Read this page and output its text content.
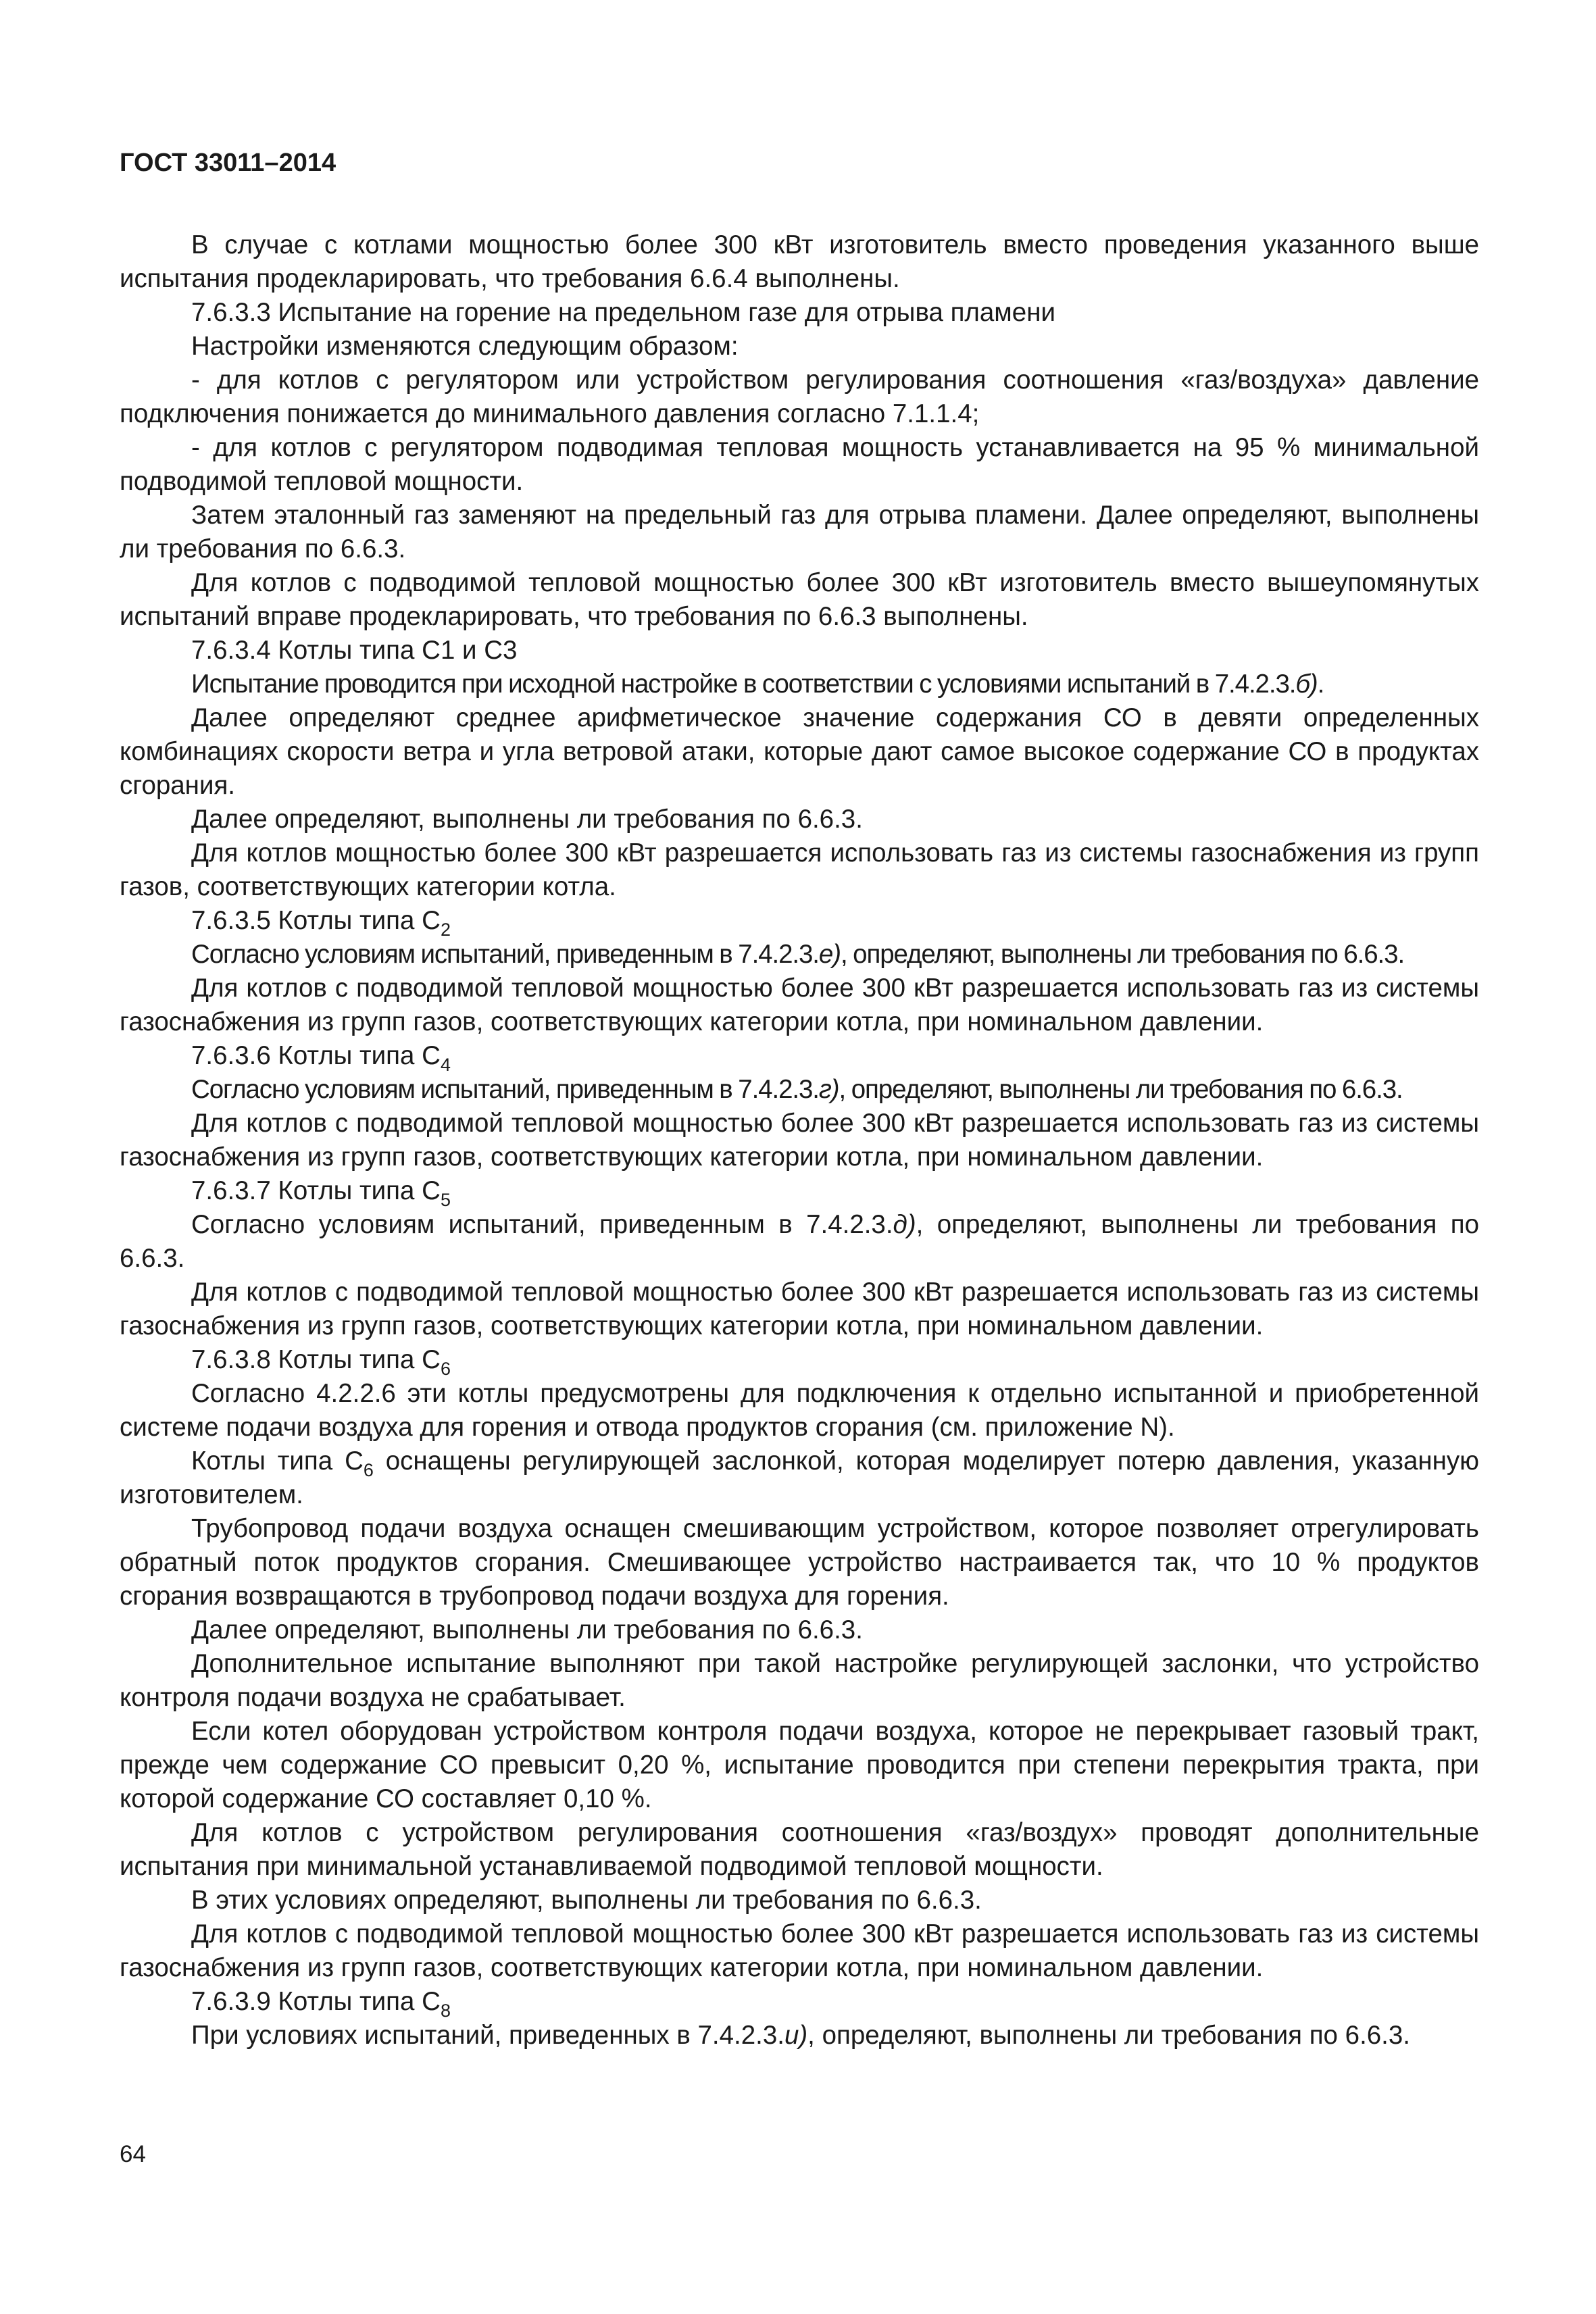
ГОСТ 33011–2014

В случае с котлами мощностью более 300 кВт изготовитель вместо проведения указанного выше испытания продекларировать, что требования 6.6.4 выполнены.

7.6.3.3 Испытание на горение на предельном газе для отрыва пламени

Настройки изменяются следующим образом:

- для котлов с регулятором или устройством регулирования соотношения «газ/воздуха» давление подключения понижается до минимального давления согласно 7.1.1.4;

- для котлов с регулятором подводимая тепловая мощность устанавливается на 95 % минимальной подводимой тепловой мощности.

Затем эталонный газ заменяют на предельный газ для отрыва пламени. Далее определяют, выполнены ли требования по 6.6.3.

Для котлов с подводимой тепловой мощностью более 300 кВт изготовитель вместо вышеупомянутых испытаний вправе продекларировать, что требования по 6.6.3 выполнены.

7.6.3.4 Котлы типа С1 и С3

Испытание проводится при исходной настройке в соответствии с условиями испытаний в 7.4.2.3.б).

Далее определяют среднее арифметическое значение содержания СО в девяти определенных комбинациях скорости ветра и угла ветровой атаки, которые дают самое высокое содержание СО в продуктах сгорания.

Далее определяют, выполнены ли требования по 6.6.3.

Для котлов мощностью более 300 кВт разрешается использовать газ из системы газоснабжения из групп газов, соответствующих категории котла.

7.6.3.5 Котлы типа $С_2$

Согласно условиям испытаний, приведенным в 7.4.2.3.е), определяют, выполнены ли требования по 6.6.3.

Для котлов с подводимой тепловой мощностью более 300 кВт разрешается использовать газ из системы газоснабжения из групп газов, соответствующих категории котла, при номинальном давлении.

7.6.3.6 Котлы типа $С_4$

Согласно условиям испытаний, приведенным в 7.4.2.3.г), определяют, выполнены ли требования по 6.6.3.

Для котлов с подводимой тепловой мощностью более 300 кВт разрешается использовать газ из системы газоснабжения из групп газов, соответствующих категории котла, при номинальном давлении.

7.6.3.7 Котлы типа $С_5$

Согласно условиям испытаний, приведенным в 7.4.2.3.д), определяют, выполнены ли требования по 6.6.3.

Для котлов с подводимой тепловой мощностью более 300 кВт разрешается использовать газ из системы газоснабжения из групп газов, соответствующих категории котла, при номинальном давлении.

7.6.3.8 Котлы типа $С_6$

Согласно 4.2.2.6 эти котлы предусмотрены для подключения к отдельно испытанной и приобретенной системе подачи воздуха для горения и отвода продуктов сгорания (см. приложение N).

Котлы типа $С_6$ оснащены регулирующей заслонкой, которая моделирует потерю давления, указанную изготовителем.

Трубопровод подачи воздуха оснащен смешивающим устройством, которое позволяет отрегулировать обратный поток продуктов сгорания. Смешивающее устройство настраивается так, что 10 % продуктов сгорания возвращаются в трубопровод подачи воздуха для горения.

Далее определяют, выполнены ли требования по 6.6.3.

Дополнительное испытание выполняют при такой настройке регулирующей заслонки, что устройство контроля подачи воздуха не срабатывает.

Если котел оборудован устройством контроля подачи воздуха, которое не перекрывает газовый тракт, прежде чем содержание СО превысит 0,20 %, испытание проводится при степени перекрытия тракта, при которой содержание СО составляет 0,10 %.

Для котлов с устройством регулирования соотношения «газ/воздух» проводят дополнительные испытания при минимальной устанавливаемой подводимой тепловой мощности.

В этих условиях определяют, выполнены ли требования по 6.6.3.

Для котлов с подводимой тепловой мощностью более 300 кВт разрешается использовать газ из системы газоснабжения из групп газов, соответствующих категории котла, при номинальном давлении.

7.6.3.9 Котлы типа $С_8$

При условиях испытаний, приведенных в 7.4.2.3.и), определяют, выполнены ли требования по 6.6.3.

64
